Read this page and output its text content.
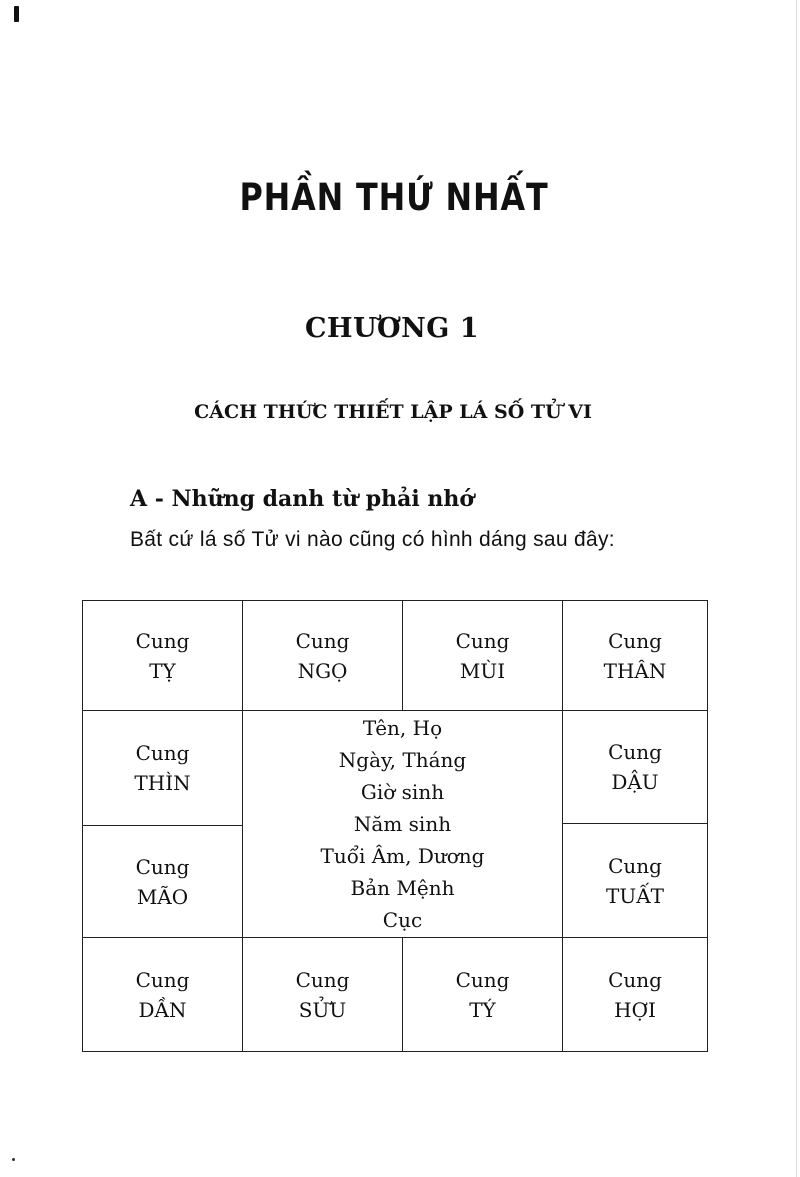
PHẦN THỨ NHẤT
CHƯƠNG 1
CÁCH THỨC THIẾT LẬP LÁ SỐ TỬ VI
A - Những danh từ phải nhớ
Bất cứ lá số Tử vi nào cũng có hình dáng sau đây:
Cung
TỴ
Cung
NGỌ
Cung
MÙI
Cung
THÂN
Cung
THÌN
Cung
MÃO
Tên, Họ
Ngày, Tháng
Giờ sinh
Năm sinh
Tuổi Âm, Dương
Bản Mệnh
Cục
Cung
DẬU
Cung
TUẤT
Cung
DẦN
Cung
SỬU
Cung
TÝ
Cung
HỢI
